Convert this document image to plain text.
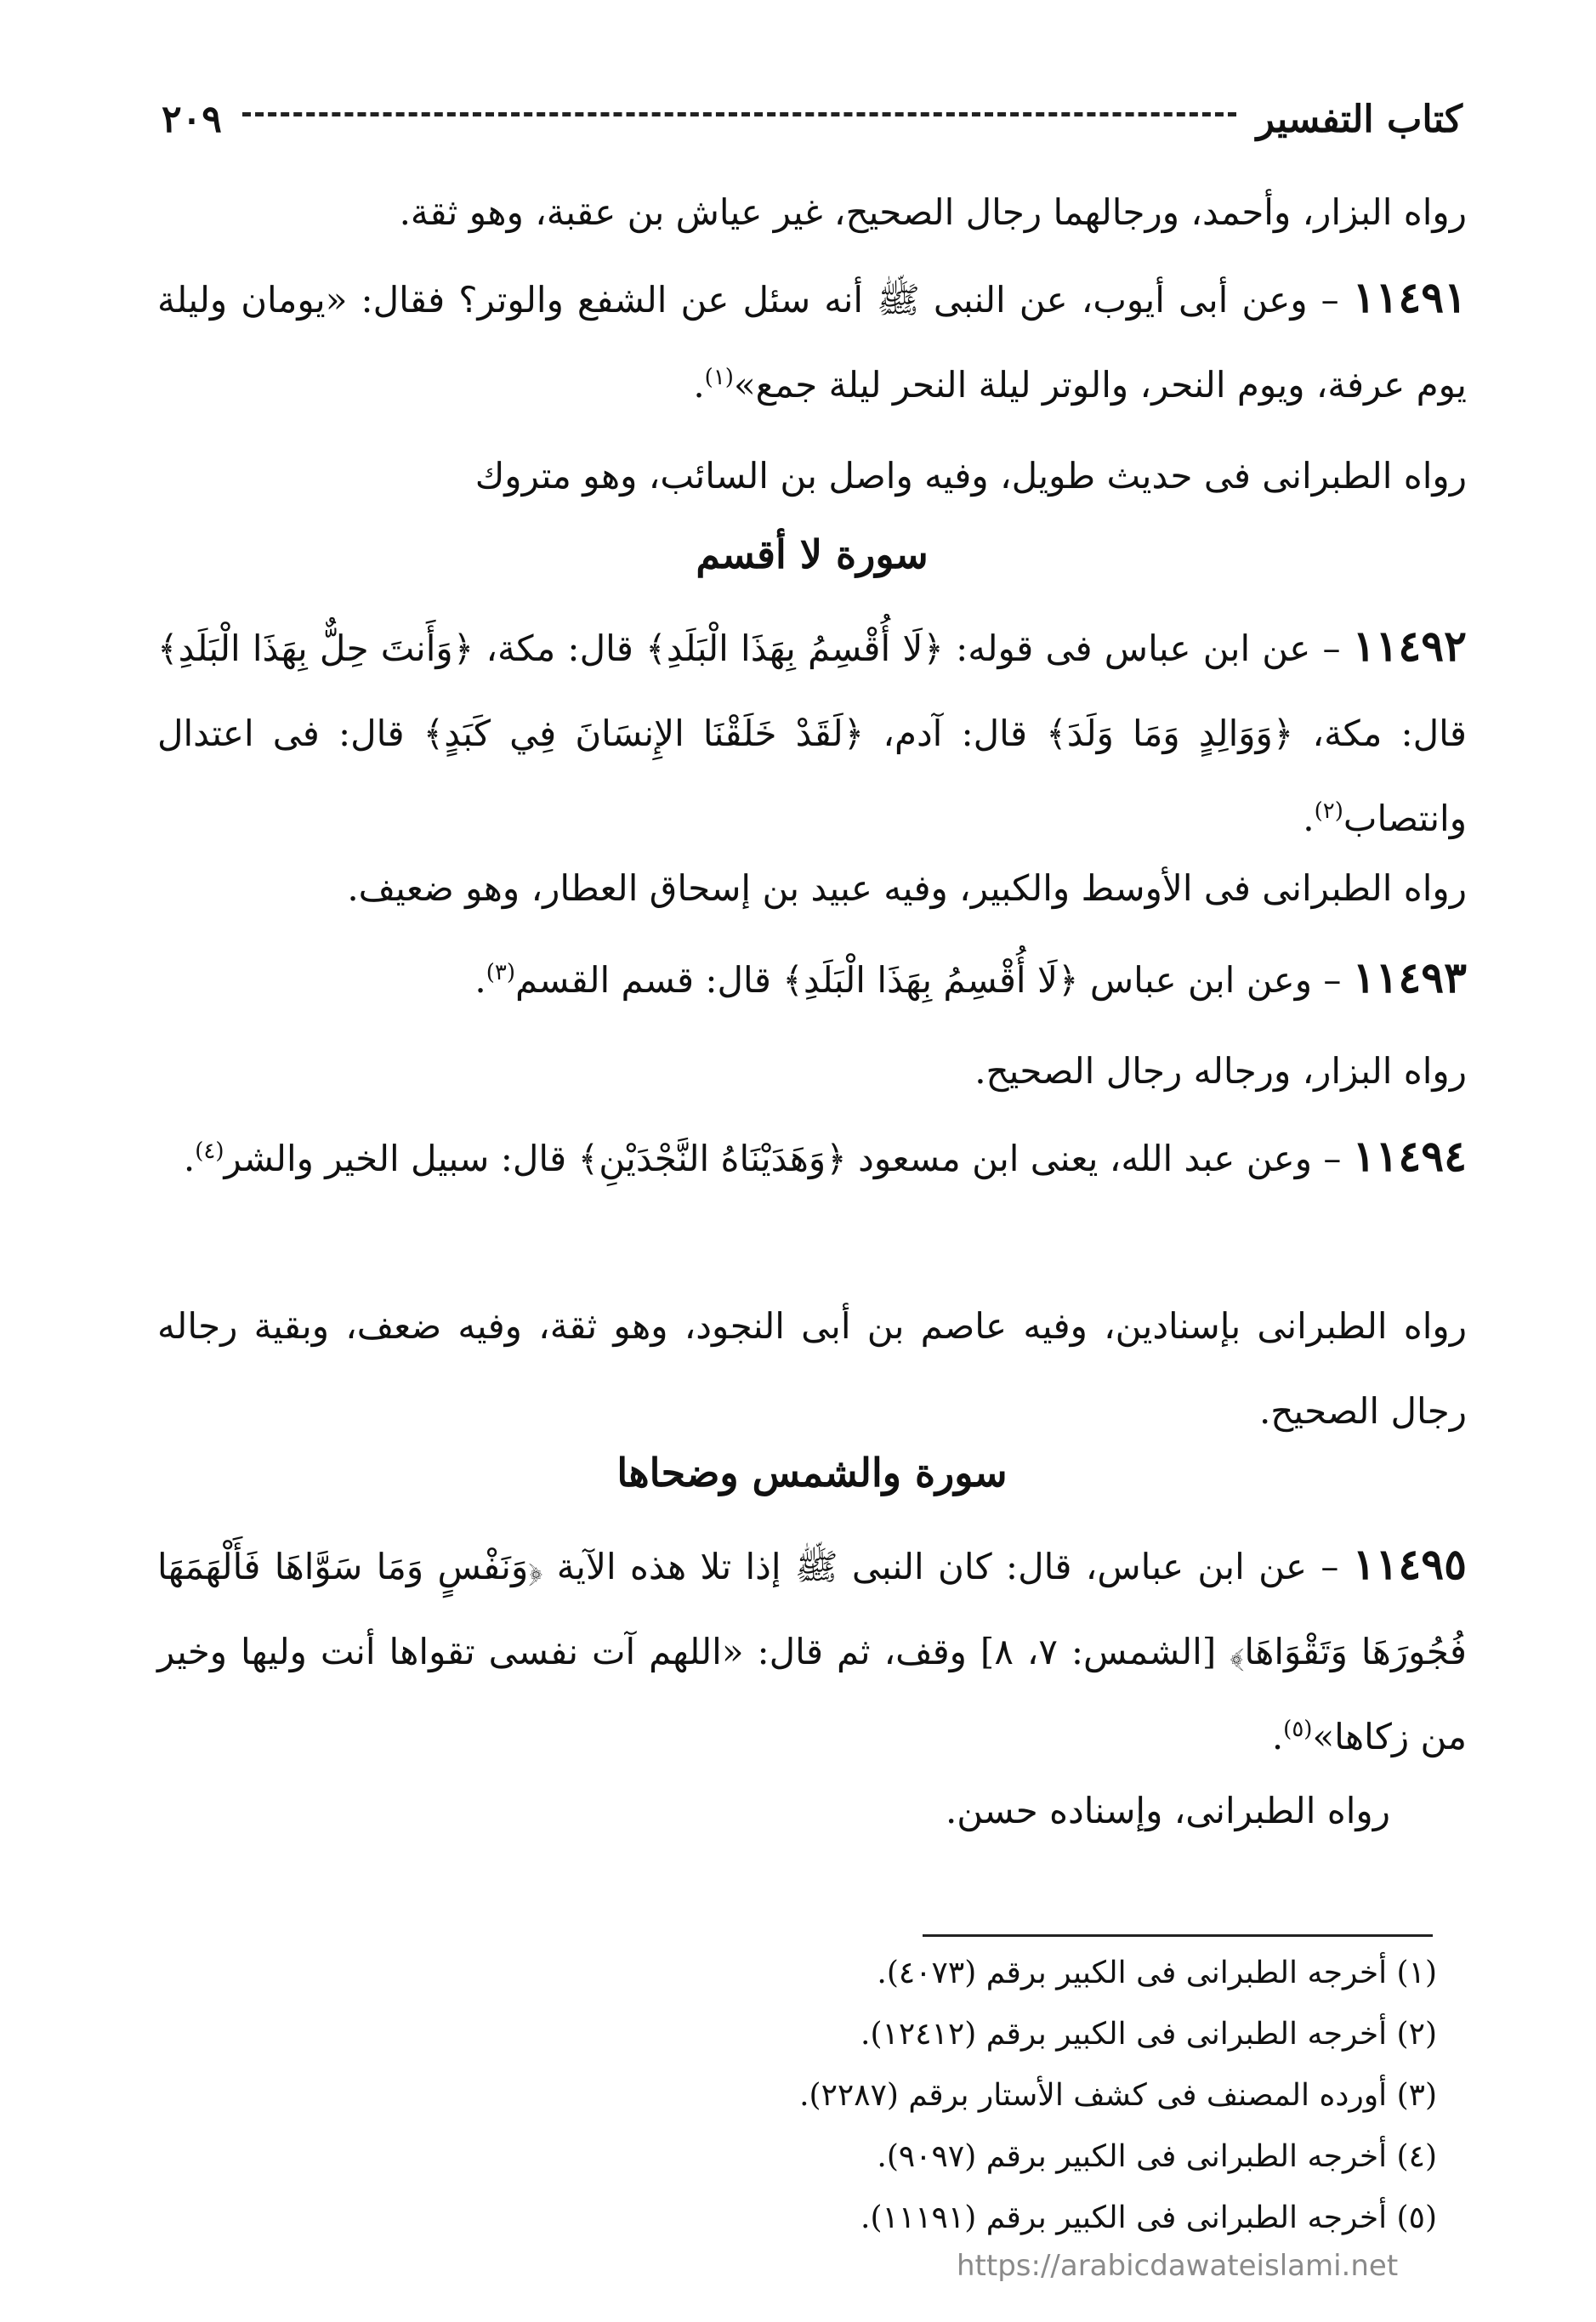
كتاب التفسير
٢٠٩
رواه البزار، وأحمد، ورجالهما رجال الصحيح، غير عياش بن عقبة، وهو ثقة.
١١٤٩١ – وعن أبى أيوب، عن النبى ﷺ أنه سئل عن الشفع والوتر؟ فقال: «يومان وليلة يوم عرفة، ويوم النحر، والوتر ليلة النحر ليلة جمع»$^{(١)}$.
رواه الطبرانى فى حديث طويل، وفيه واصل بن السائب، وهو متروك
سورة لا أقسم
١١٤٩٢ – عن ابن عباس فى قوله: ﴿لَا أُقْسِمُ بِهَذَا الْبَلَدِ﴾ قال: مكة، ﴿وَأَنتَ حِلٌّ بِهَذَا الْبَلَدِ﴾ قال: مكة، ﴿وَوَالِدٍ وَمَا وَلَدَ﴾ قال: آدم، ﴿لَقَدْ خَلَقْنَا الإِنسَانَ فِي كَبَدٍ﴾ قال: فى اعتدال وانتصاب$^{(٢)}$.
رواه الطبرانى فى الأوسط والكبير، وفيه عبيد بن إسحاق العطار، وهو ضعيف.
١١٤٩٣ – وعن ابن عباس ﴿لَا أُقْسِمُ بِهَذَا الْبَلَدِ﴾ قال: قسم القسم$^{(٣)}$.
رواه البزار، ورجاله رجال الصحيح.
١١٤٩٤ – وعن عبد الله، يعنى ابن مسعود ﴿وَهَدَيْنَاهُ النَّجْدَيْنِ﴾ قال: سبيل الخير والشر$^{(٤)}$.
رواه الطبرانى بإسنادين، وفيه عاصم بن أبى النجود، وهو ثقة، وفيه ضعف، وبقية رجاله رجال الصحيح.
سورة والشمس وضحاها
١١٤٩٥ – عن ابن عباس، قال: كان النبى ﷺ إذا تلا هذه الآية ﴿وَنَفْسٍ وَمَا سَوَّاهَا فَأَلْهَمَهَا فُجُورَهَا وَتَقْوَاهَا﴾ [الشمس: ٧، ٨] وقف، ثم قال: «اللهم آت نفسى تقواها أنت وليها وخير من زكاها»$^{(٥)}$.
رواه الطبرانى، وإسناده حسن.
(١) أخرجه الطبرانى فى الكبير برقم (٤٠٧٣).
(٢) أخرجه الطبرانى فى الكبير برقم (١٢٤١٢).
(٣) أورده المصنف فى كشف الأستار برقم (٢٢٨٧).
(٤) أخرجه الطبرانى فى الكبير برقم (٩٠٩٧).
(٥) أخرجه الطبرانى فى الكبير برقم (١١١٩١).
https://arabicdawateislami.net
